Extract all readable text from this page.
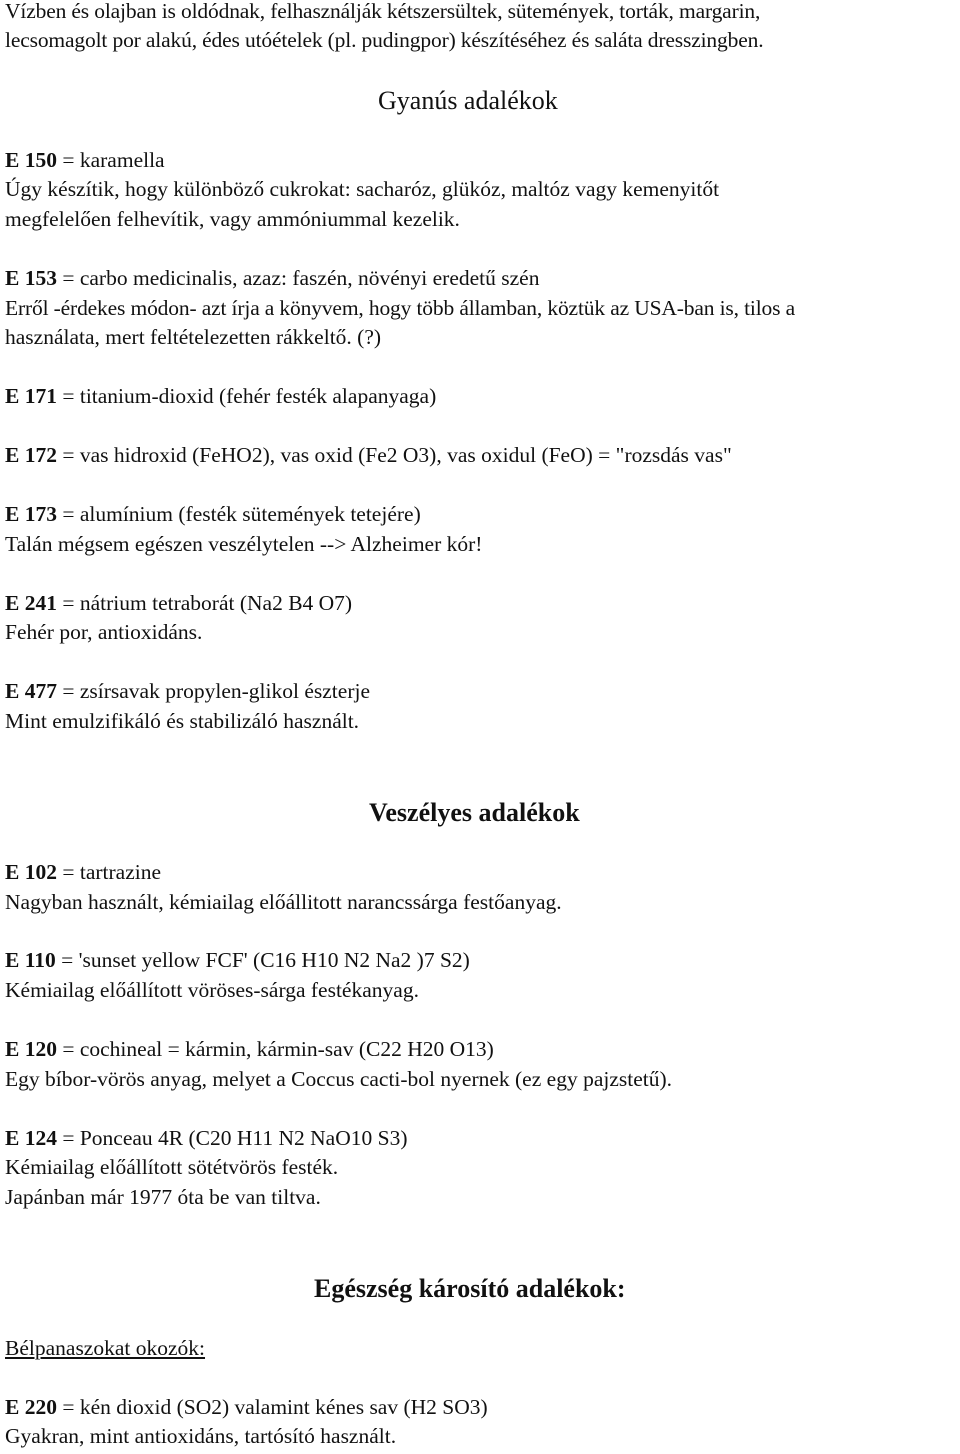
Vízben és olajban is oldódnak, felhasználják kétszersültek, sütemények, torták, margarin,
lecsomagolt por alakú, édes utóételek (pl. pudingpor) készítéséhez és saláta dresszingben.
Gyanús adalékok
E 150 = karamella
Úgy készítik, hogy különböző cukrokat: sacharóz, glükóz, maltóz vagy kemenyitőt
megfelelően felhevítik, vagy ammóniummal kezelik.
E 153 = carbo medicinalis, azaz: faszén, növényi eredetű szén
Erről -érdekes módon- azt írja a könyvem, hogy több államban, köztük az USA-ban is, tilos a
használata, mert feltételezetten rákkeltő. (?)
E 171 = titanium-dioxid (fehér festék alapanyaga)
E 172 = vas hidroxid (FeHO2), vas oxid (Fe2 O3), vas oxidul (FeO) = "rozsdás vas"
E 173 = alumínium (festék sütemények tetejére)
Talán mégsem egészen veszélytelen --> Alzheimer kór!
E 241 = nátrium tetraborát (Na2 B4 O7)
Fehér por, antioxidáns.
E 477 = zsírsavak propylen-glikol észterje
Mint emulzifikáló és stabilizáló használt.
Veszélyes adalékok
E 102 = tartrazine
Nagyban használt, kémiailag előállitott narancssárga festőanyag.
E 110 = 'sunset yellow FCF' (C16 H10 N2 Na2 )7 S2)
Kémiailag előállított vöröses-sárga festékanyag.
E 120 = cochineal = kármin, kármin-sav (C22 H20 O13)
Egy bíbor-vörös anyag, melyet a Coccus cacti-bol nyernek (ez egy pajzstetű).
E 124 = Ponceau 4R (C20 H11 N2 NaO10 S3)
Kémiailag előállított sötétvörös festék.
Japánban már 1977 óta be van tiltva.
Egészség károsító adalékok:
Bélpanaszokat okozók:
E 220 = kén dioxid (SO2) valamint kénes sav (H2 SO3)
Gyakran, mint antioxidáns, tartósító használt.
